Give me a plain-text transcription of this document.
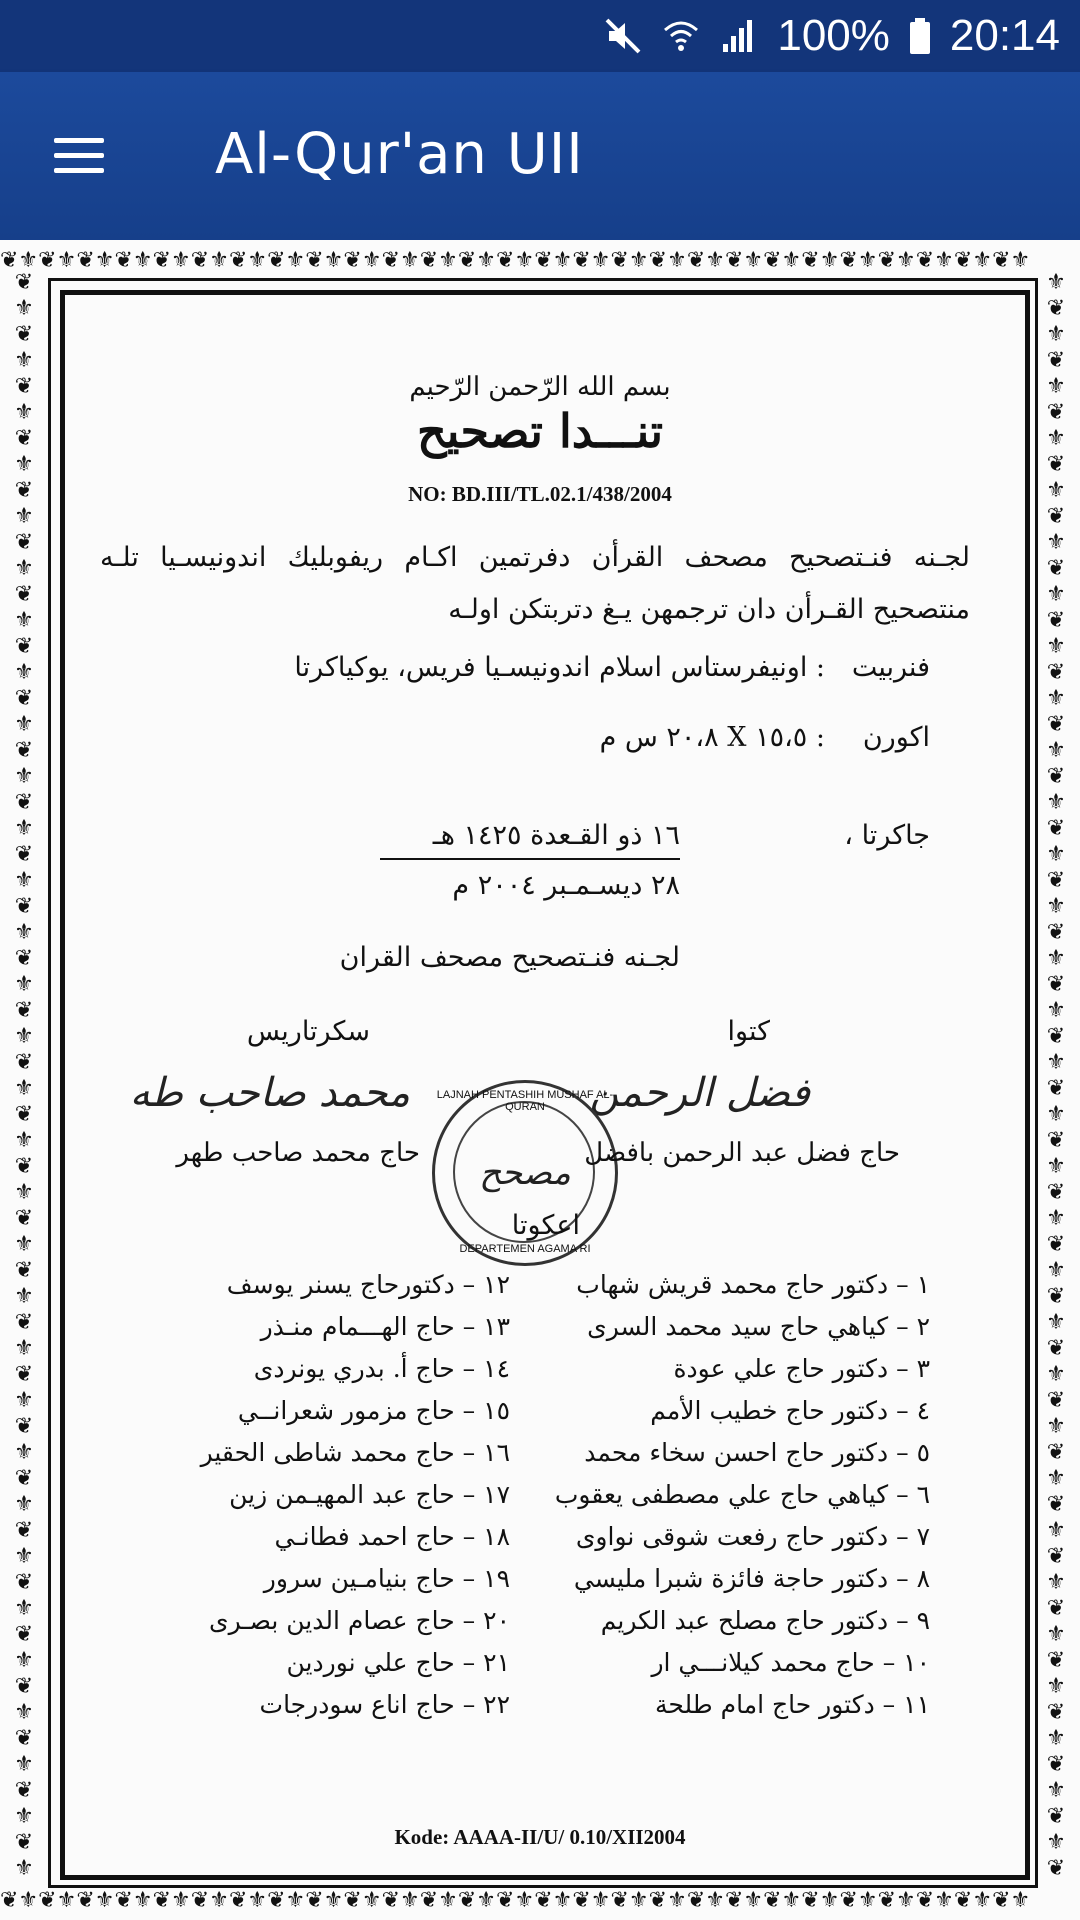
100% 20:14
Al-Qur'an UII
❦⚜❦⚜❦⚜❦⚜❦⚜❦⚜❦⚜❦⚜❦⚜❦⚜❦⚜❦⚜❦⚜❦⚜❦⚜❦⚜❦⚜❦⚜❦⚜❦⚜❦⚜❦⚜❦⚜❦⚜❦⚜❦⚜❦⚜
❦⚜❦⚜❦⚜❦⚜❦⚜❦⚜❦⚜❦⚜❦⚜❦⚜❦⚜❦⚜❦⚜❦⚜❦⚜❦⚜❦⚜❦⚜❦⚜❦⚜❦⚜❦⚜❦⚜❦⚜❦⚜❦⚜❦⚜
❦
⚜
❦
⚜
❦
⚜
❦
⚜
❦
⚜
❦
⚜
❦
⚜
❦
⚜
❦
⚜
❦
⚜
❦
⚜
❦
⚜
❦
⚜
❦
⚜
❦
⚜
❦
⚜
❦
⚜
❦
⚜
❦
⚜
❦
⚜
❦
⚜
❦
⚜
❦
⚜
❦
⚜
❦
⚜
❦
⚜
❦
⚜
❦
⚜
❦
⚜
❦
⚜
❦
⚜

⚜
❦
⚜
❦
⚜
❦
⚜
❦
⚜
❦
⚜
❦
⚜
❦
⚜
❦
⚜
❦
⚜
❦
⚜
❦
⚜
❦
⚜
❦
⚜
❦
⚜
❦
⚜
❦
⚜
❦
⚜
❦
⚜
❦
⚜
❦
⚜
❦
⚜
❦
⚜
❦
⚜
❦
⚜
❦
⚜
❦
⚜
❦
⚜
❦
⚜
❦
⚜
❦
⚜
❦

بسم الله الرّحمن الرّحيم
تنـــدا تصحيح
NO: BD.III/TL.02.1/438/2004
لجـنه فنـتصحيح مصحف القرأن دفرتمين اكـام ريفوبليك اندونيسـيا تلـه منتصحيح القـرأن دان ترجمهن يـغ دتربتكن اولـه
فنربيت
: اونيفرستاس اسلام اندونيسـيا فريس، يوكياكرتا
اكورن
: ١٥،٥ X ٢٠،٨ س م
جاكرتا ،
١٦ ذو القـعدة ١٤٢٥ هـ
٢٨ ديسـمـبر ٢٠٠٤ م
لجـنه فنـتصحيح مصحف القران
كتوا
سكرتاريس
فضل الرحمن
محمد صاحب طه LAJNAH PENTASHIH MUSHAF AL-QURAN
مصحح
DEPARTEMEN AGAMA RI
حاج فضل عبد الرحمن بافضل
حاج محمد صاحب طهر
اعكوتا
١ – دكتور حاج محمد قريش شهاب
٢ – كياهي حاج سيد محمد السرى
٣ – دكتور حاج علي عودة
٤ – دكتور حاج خطيب الأمم
٥ – دكتور حاج احسن سخاء محمد
٦ – كياهي حاج علي مصطفى يعقوب
٧ – دكتور حاج رفعت شوقى نواوى
٨ – دكتور حاجة فائزة شبرا مليسي
٩ – دكتور حاج مصلح عبد الكريم
١٠ – حاج محمد كيلانـــي ار
١١ – دكتور حاج امام طلحة
١٢ – دكتورحاج يسنر يوسف
١٣ – حاج الهـــمام منـذر
١٤ – حاج أ. بدري يونردى
١٥ – حاج مزمور شعرانــي
١٦ – حاج محمد شاطى الحقير
١٧ – حاج عبد المهيـمن زين
١٨ – حاج احمد فطانـي
١٩ – حاج بنيامـين سرور
٢٠ – حاج عصام الدين بصـرى
٢١ – حاج علي نوردين
٢٢ – حاج اناع سودرجات
Kode: AAAA-II/U/ 0.10/XII2004
